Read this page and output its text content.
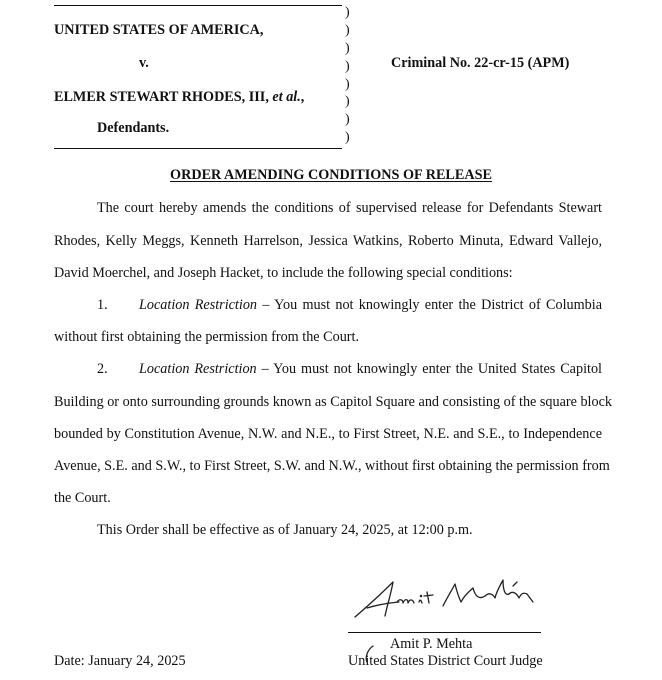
UNITED STATES OF AMERICA,
v.
ELMER STEWART RHODES, III, et al.,
Defendants.
)
)
)
)
)
)
)
)
Criminal No. 22-cr-15 (APM)
ORDER AMENDING CONDITIONS OF RELEASE
The court hereby amends the conditions of supervised release for Defendants Stewart
Rhodes, Kelly Meggs, Kenneth Harrelson, Jessica Watkins, Roberto Minuta, Edward Vallejo,
David Moerchel, and Joseph Hacket, to include the following special conditions:
1. Location Restriction – You must not knowingly enter the District of Columbia
without first obtaining the permission from the Court.
2. Location Restriction – You must not knowingly enter the United States Capitol
Building or onto surrounding grounds known as Capitol Square and consisting of the square block
bounded by Constitution Avenue, N.W. and N.E., to First Street, N.E. and S.E., to Independence
Avenue, S.E. and S.W., to First Street, S.W. and N.W., without first obtaining the permission from
the Court.
This Order shall be effective as of January 24, 2025, at 12:00 p.m.
Amit P. Mehta
United States District Court Judge
Date: January 24, 2025
